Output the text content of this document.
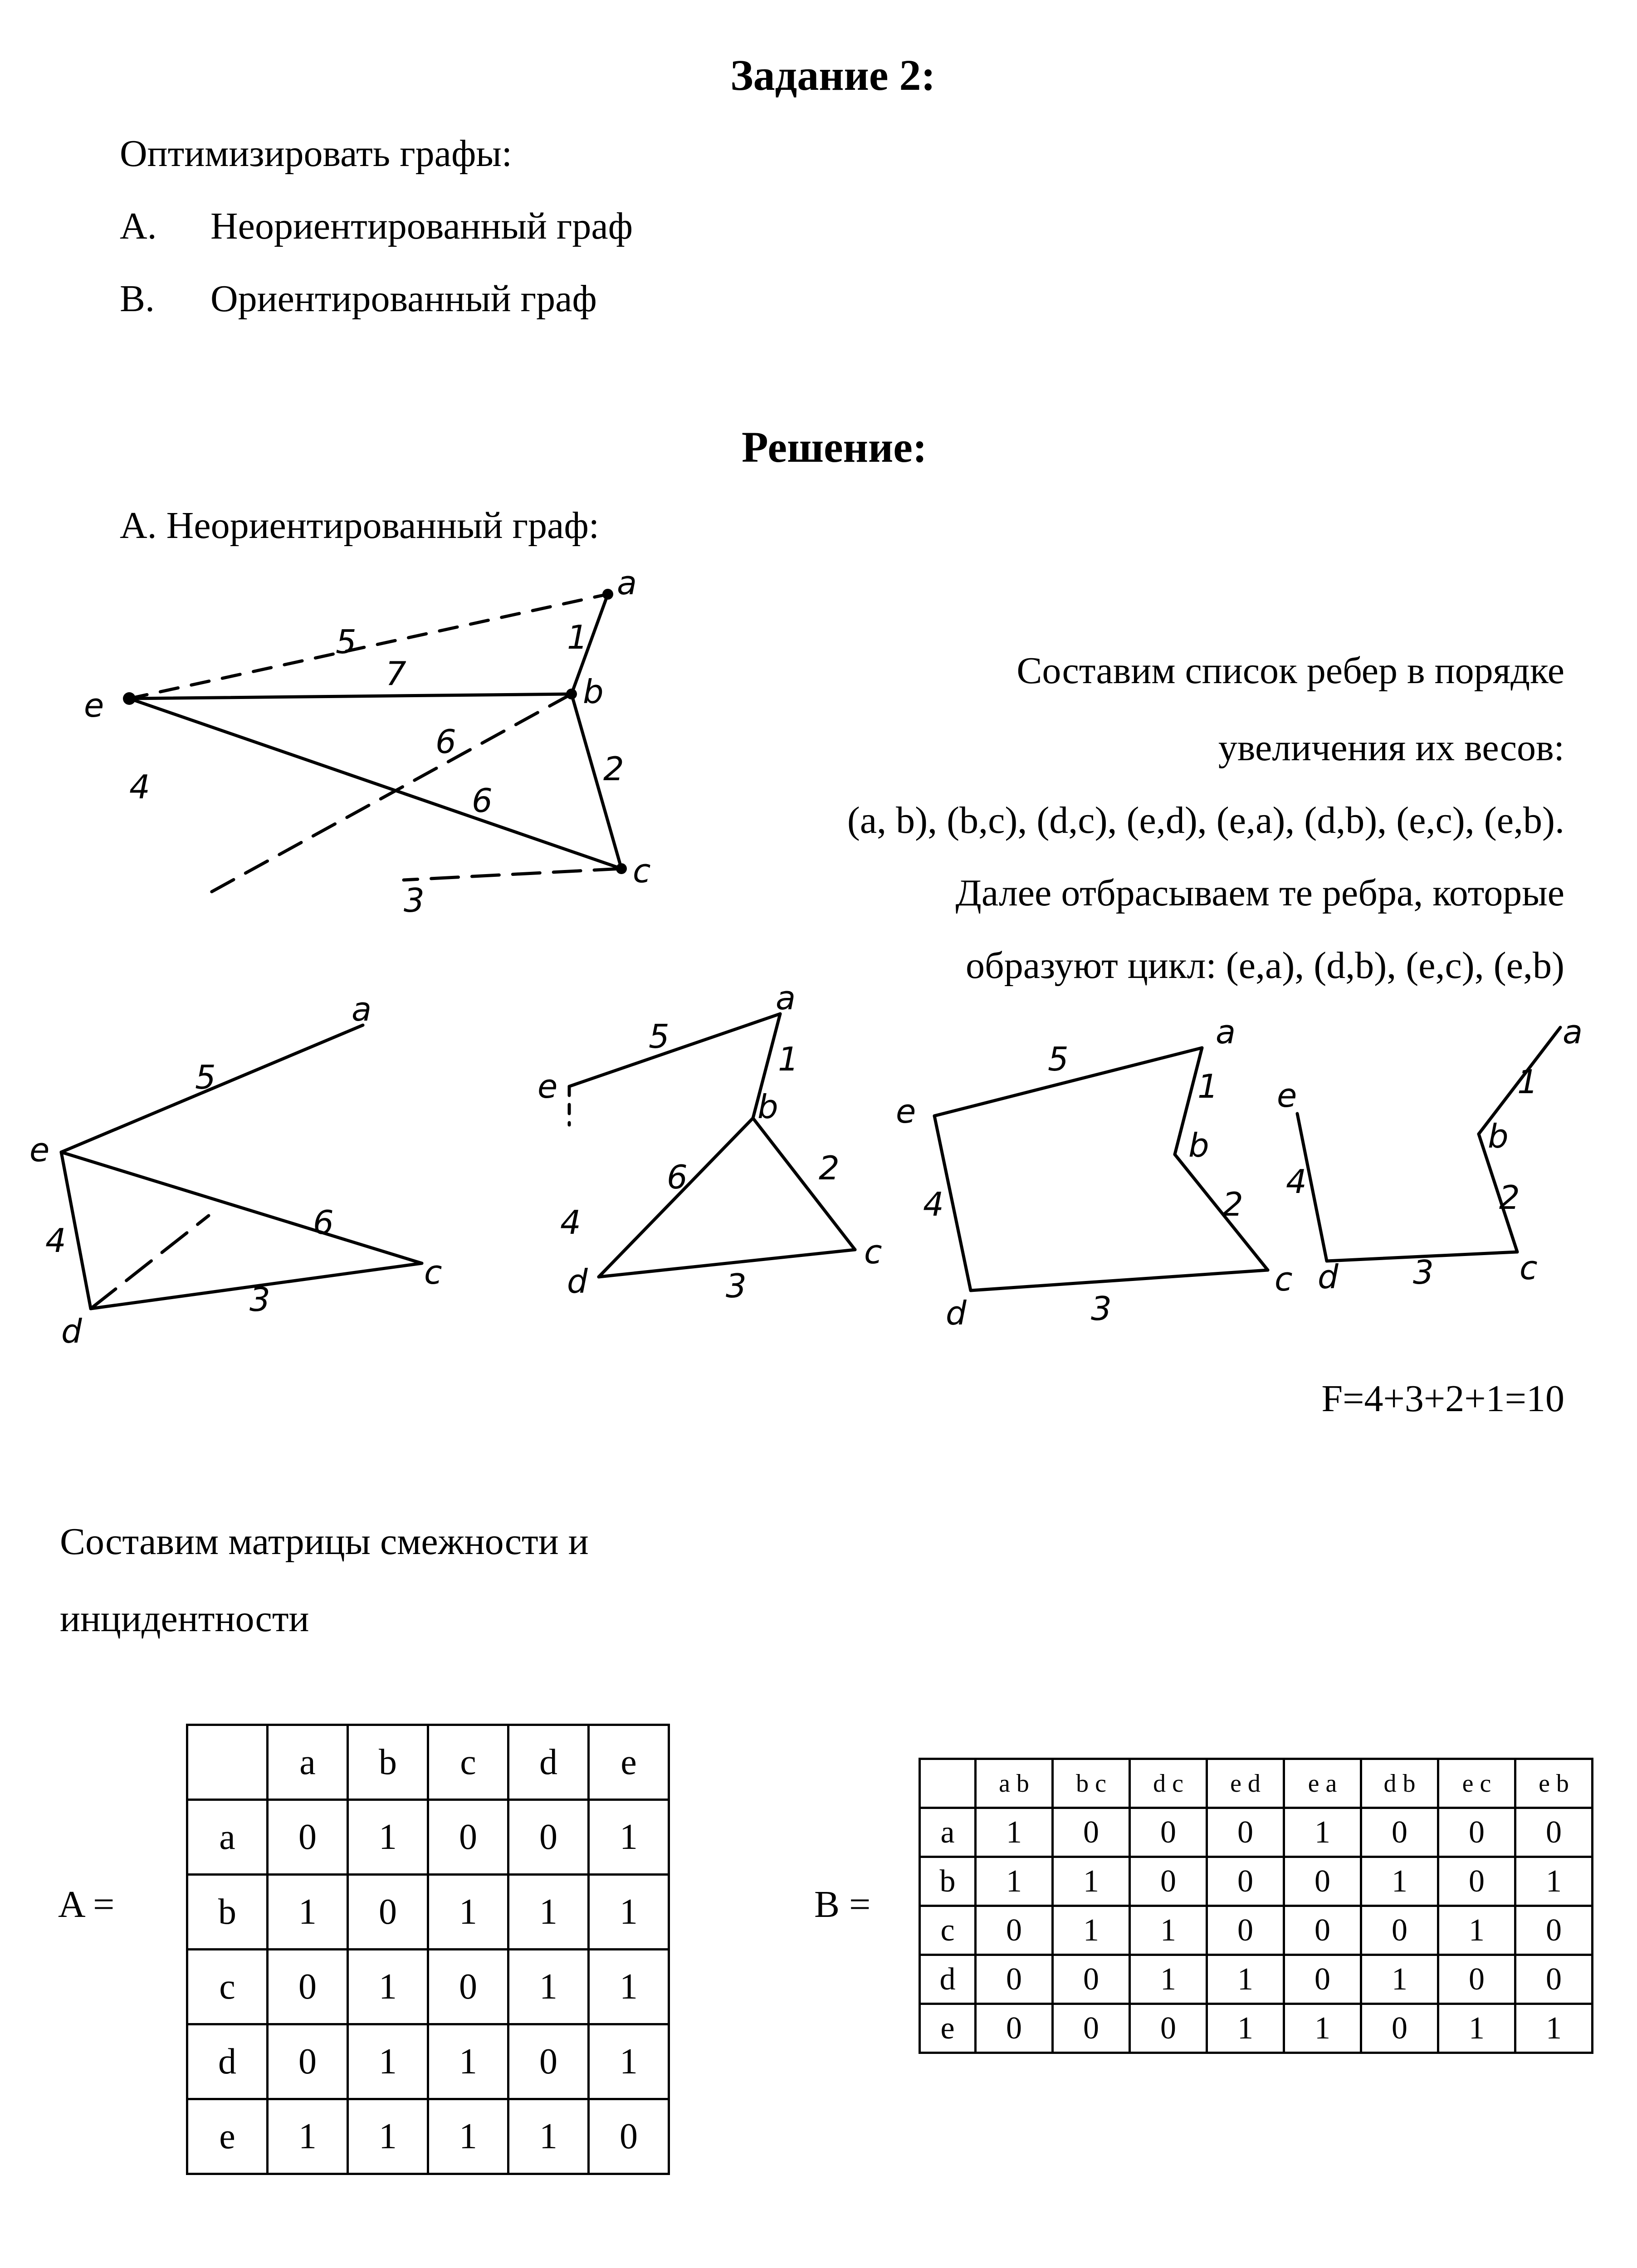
Задание 2:
Оптимизировать графы:
А. Неориентированный граф
В. Ориентированный граф
Решение:
А. Неориентированный граф:
Составим список ребер в порядке
увеличения их весов:
(a, b), (b,c), (d,c), (e,d), (e,a), (d,b), (e,c), (e,b).
Далее отбрасываем те ребра, которые
образуют цикл: (e,a), (d,b), (e,c), (e,b)
a
b
c
e
5	1
7
2
6
6
4
3
a
e
d
c
5
4	6
3
a
b
e
d
c
5
1
6	2
4
3
a
b
e
d
c
5
1
2
4
3
a
b
e
d	c
1
2
4
3
F=4+3+2+1=10
Составим матрицы смежности и
инцидентности
A =
	a	b	c	d	e
a	0	1	0	0	1
b	1	0	1	1	1
c	0	1	0	1	1
d	0	1	1	0	1
e	1	1	1	1	0
B =
	a b	b c	d c	e d	e a	d b	e c	e b
a	1	0	0	0	1	0	0	0
b	1	1	0	0	0	1	0	1
c	0	1	1	0	0	0	1	0
d	0	0	1	1	0	1	0	0
e	0	0	0	1	1	0	1	1
